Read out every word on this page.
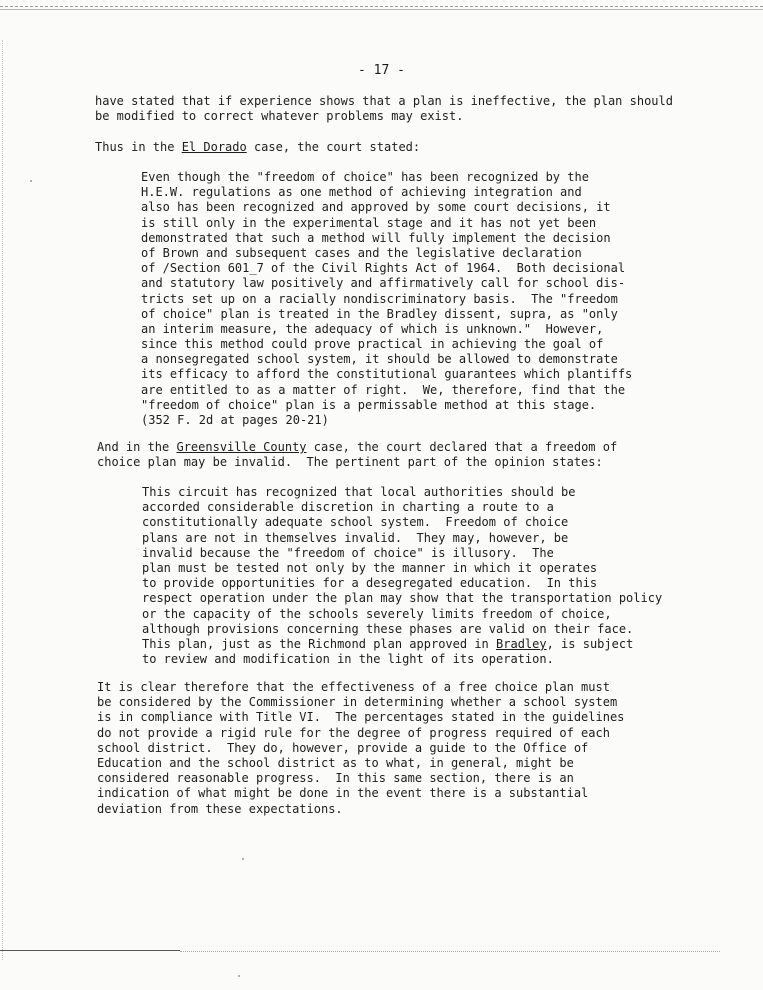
- 17 -
have stated that if experience shows that a plan is ineffective, the plan should
be modified to correct whatever problems may exist.
Thus in the El Dorado case, the court stated:
Even though the "freedom of choice" has been recognized by the
H.E.W. regulations as one method of achieving integration and
also has been recognized and approved by some court decisions, it
is still only in the experimental stage and it has not yet been
demonstrated that such a method will fully implement the decision
of Brown and subsequent cases and the legislative declaration
of /Section 601_7 of the Civil Rights Act of 1964.  Both decisional
and statutory law positively and affirmatively call for school dis-
tricts set up on a racially nondiscriminatory basis.  The "freedom
of choice" plan is treated in the Bradley dissent, supra, as "only
an interim measure, the adequacy of which is unknown."  However,
since this method could prove practical in achieving the goal of
a nonsegregated school system, it should be allowed to demonstrate
its efficacy to afford the constitutional guarantees which plantiffs
are entitled to as a matter of right.  We, therefore, find that the
"freedom of choice" plan is a permissable method at this stage.
(352 F. 2d at pages 20-21)
And in the Greensville County case, the court declared that a freedom of
choice plan may be invalid.  The pertinent part of the opinion states:
This circuit has recognized that local authorities should be
accorded considerable discretion in charting a route to a
constitutionally adequate school system.  Freedom of choice
plans are not in themselves invalid.  They may, however, be
invalid because the "freedom of choice" is illusory.  The
plan must be tested not only by the manner in which it operates
to provide opportunities for a desegregated education.  In this
respect operation under the plan may show that the transportation policy
or the capacity of the schools severely limits freedom of choice,
although provisions concerning these phases are valid on their face.
This plan, just as the Richmond plan approved in Bradley, is subject
to review and modification in the light of its operation.
It is clear therefore that the effectiveness of a free choice plan must
be considered by the Commissioner in determining whether a school system
is in compliance with Title VI.  The percentages stated in the guidelines
do not provide a rigid rule for the degree of progress required of each
school district.  They do, however, provide a guide to the Office of
Education and the school district as to what, in general, might be
considered reasonable progress.  In this same section, there is an
indication of what might be done in the event there is a substantial
deviation from these expectations.
